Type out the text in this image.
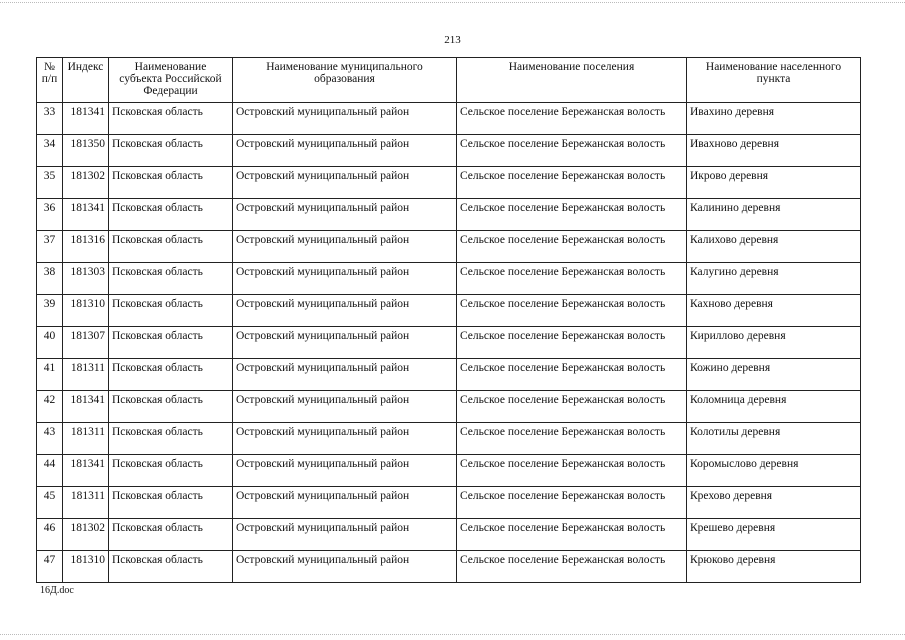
213
№ п/п	Индекс	Наименование субъекта Российской Федерации	Наименование муниципального образования	Наименование поселения	Наименование населенного пункта
33	181341	Псковская область	Островский муниципальный район	Сельское поселение Бережанская волость	Ивахино деревня
34	181350	Псковская область	Островский муниципальный район	Сельское поселение Бережанская волость	Ивахново деревня
35	181302	Псковская область	Островский муниципальный район	Сельское поселение Бережанская волость	Икрово деревня
36	181341	Псковская область	Островский муниципальный район	Сельское поселение Бережанская волость	Калинино деревня
37	181316	Псковская область	Островский муниципальный район	Сельское поселение Бережанская волость	Калихово деревня
38	181303	Псковская область	Островский муниципальный район	Сельское поселение Бережанская волость	Калугино деревня
39	181310	Псковская область	Островский муниципальный район	Сельское поселение Бережанская волость	Кахново деревня
40	181307	Псковская область	Островский муниципальный район	Сельское поселение Бережанская волость	Кириллово деревня
41	181311	Псковская область	Островский муниципальный район	Сельское поселение Бережанская волость	Кожино деревня
42	181341	Псковская область	Островский муниципальный район	Сельское поселение Бережанская волость	Коломница деревня
43	181311	Псковская область	Островский муниципальный район	Сельское поселение Бережанская волость	Колотилы деревня
44	181341	Псковская область	Островский муниципальный район	Сельское поселение Бережанская волость	Коромыслово деревня
45	181311	Псковская область	Островский муниципальный район	Сельское поселение Бережанская волость	Крехово деревня
46	181302	Псковская область	Островский муниципальный район	Сельское поселение Бережанская волость	Крешево деревня
47	181310	Псковская область	Островский муниципальный район	Сельское поселение Бережанская волость	Крюково деревня
16Д.doc
